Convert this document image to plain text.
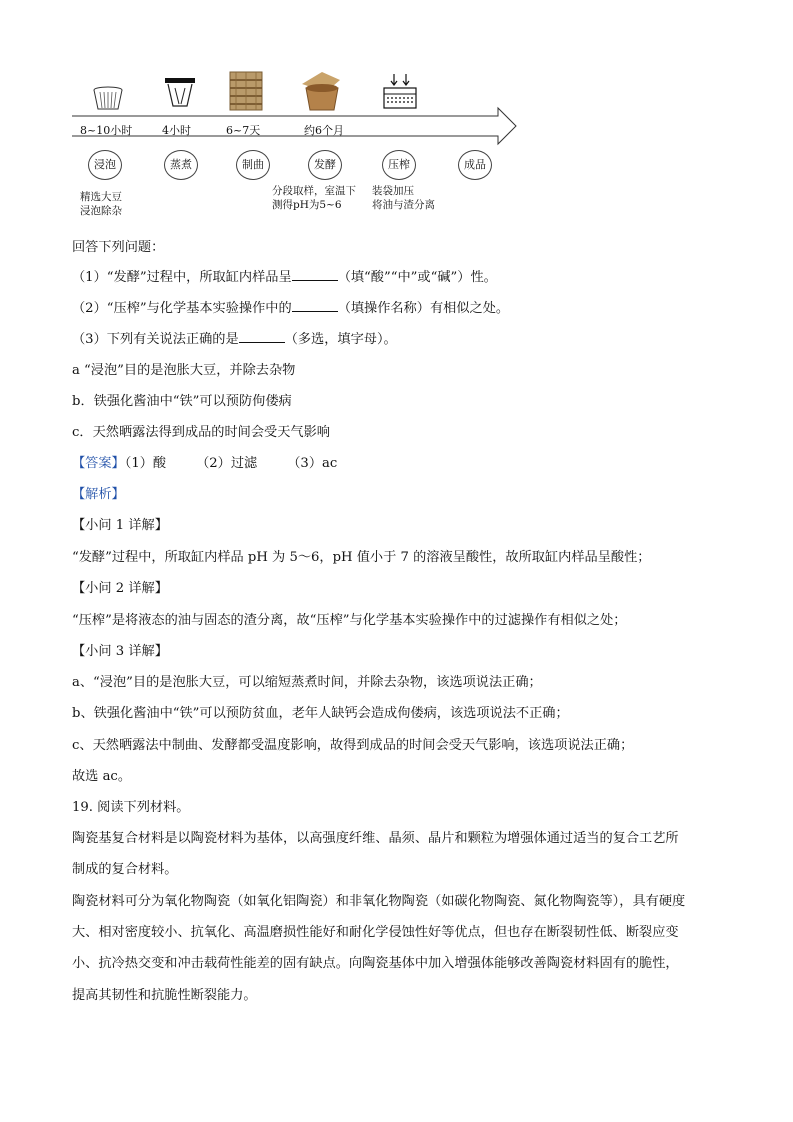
8~10小时	4小时	6~7天	约6个月
浸泡	蒸煮	制曲	发酵	压榨	成品
精选大豆
浸泡除杂
分段取样，室温下
测得pH为5~6
装袋加压
将油与渣分离
回答下列问题：
（1）“发酵”过程中，所取缸内样品呈	（填“酸”“中”或“碱”）性。
（2）“压榨”与化学基本实验操作中的	（填操作名称）有相似之处。
（3）下列有关说法正确的是	（多选，填字母）。
a “浸泡”目的是泡胀大豆，并除去杂物
b．铁强化酱油中“铁”可以预防佝偻病
c．天然晒露法得到成品的时间会受天气影响
【答案】（1）酸 （2）过滤 （3）ac
【解析】
【小问 1 详解】
“发酵”过程中，所取缸内样品 pH 为 5～6，pH 值小于 7 的溶液呈酸性，故所取缸内样品呈酸性；
【小问 2 详解】
“压榨”是将液态的油与固态的渣分离，故“压榨”与化学基本实验操作中的过滤操作有相似之处；
【小问 3 详解】
a、“浸泡”目的是泡胀大豆，可以缩短蒸煮时间，并除去杂物，该选项说法正确；
b、铁强化酱油中“铁”可以预防贫血，老年人缺钙会造成佝偻病，该选项说法不正确；
c、天然晒露法中制曲、发酵都受温度影响，故得到成品的时间会受天气影响，该选项说法正确；
故选 ac。
19. 阅读下列材料。
陶瓷基复合材料是以陶瓷材料为基体，以高强度纤维、晶须、晶片和颗粒为增强体通过适当的复合工艺所
制成的复合材料。
陶瓷材料可分为氧化物陶瓷（如氧化铝陶瓷）和非氧化物陶瓷（如碳化物陶瓷、氮化物陶瓷等），具有硬度
大、相对密度较小、抗氧化、高温磨损性能好和耐化学侵蚀性好等优点，但也存在断裂韧性低、断裂应变
小、抗冷热交变和冲击载荷性能差的固有缺点。向陶瓷基体中加入增强体能够改善陶瓷材料固有的脆性，
提高其韧性和抗脆性断裂能力。
